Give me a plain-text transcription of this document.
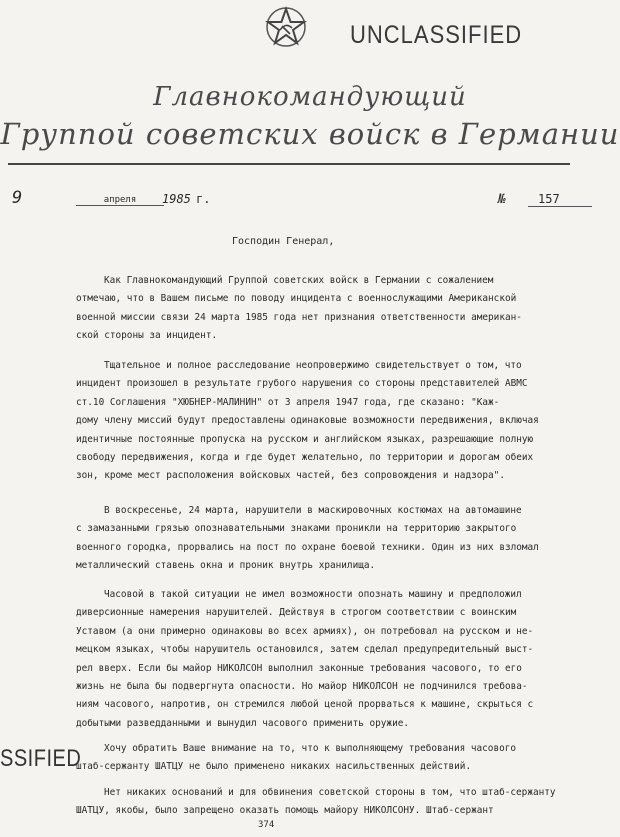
UNCLASSIFIED
Главнокомандующий
Группой советских войск в Германии
9	апреля	1985 г.	№	157
Господин Генерал,
Как Главнокомандующий Группой советских войск в Германии с сожалением
отмечаю, что в Вашем письме по поводу инцидента с военнослужащими Американской
военной миссии связи 24 марта 1985 года нет признания ответственности американ-
ской стороны за инцидент.
Тщательное и полное расследование неопровержимо свидетельствует о том, что
инцидент произошел в результате грубого нарушения со стороны представителей АВМС
ст.10 Соглашения "ХЮБНЕР-МАЛИНИН" от 3 апреля 1947 года, где сказано: "Каж-
дому члену миссий будут предоставлены одинаковые возможности передвижения, включая
идентичные постоянные пропуска на русском и английском языках, разрешающие полную
свободу передвижения, когда и где будет желательно, по территории и дорогам обеих
зон, кроме мест расположения войсковых частей, без сопровождения и надзора".
В воскресенье, 24 марта, нарушители в маскировочных костюмах на автомашине
с замазанными грязью опознавательными знаками проникли на территорию закрытого
военного городка, прорвались на пост по охране боевой техники. Один из них взломал
металлический ставень окна и проник внутрь хранилища.
Часовой в такой ситуации не имел возможности опознать машину и предположил
диверсионные намерения нарушителей. Действуя в строгом соответствии с воинским
Уставом (а они примерно одинаковы во всех армиях), он потребовал на русском и не-
мецком языках, чтобы нарушитель остановился, затем сделал предупредительный выст-
рел вверх. Если бы майор НИКОЛСОН выполнил законные требования часового, то его
жизнь не была бы подвергнута опасности. Но майор НИКОЛСОН не подчинился требова-
ниям часового, напротив, он стремился любой ценой прорваться к машине, скрыться с
добытыми разведданными и вынудил часового применить оружие.
Хочу обратить Ваше внимание на то, что к выполняющему требования часового
штаб-сержанту ШАТЦУ не было применено никаких насильственных действий.
Нет никаких оснований и для обвинения советской стороны в том, что штаб-сержанту
ШАТЦУ, якобы, было запрещено оказать помощь майору НИКОЛСОНУ. Штаб-сержант
SSIFIED
374
